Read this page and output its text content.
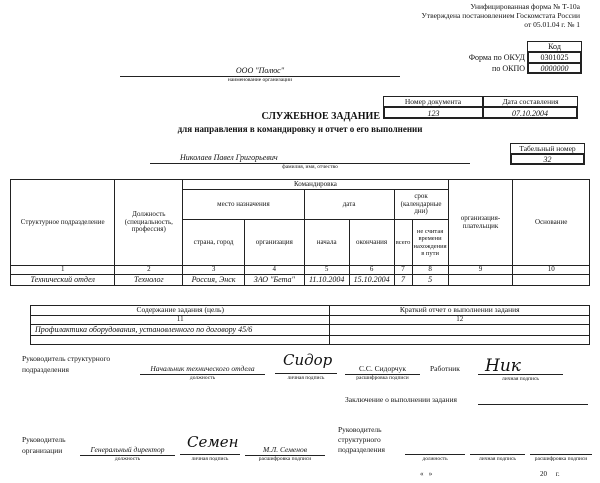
Унифицированная форма № Т-10а
Утверждена постановлением Госкомстата России
от 05.01.04 г. № 1
Код
Форма по ОКУД	0301025
по ОКПО	0000000
ООО "Полюс"
наименование организации
Номер документа	Дата составления
123	07.10.2004
СЛУЖЕБНОЕ ЗАДАНИЕ
для направления в командировку и отчет о его выполнении
Табельный номер
32
Николаев Павел Григорьевич
фамилия, имя, отчество
Структурное подразделение	Должность (специальность, профессия)	Командировка						организация-плательщик	Основание
		место назначения		дата		срок (календарные дни)			
		страна, город	организация	начала	окончания	всего	не считая времени нахождения в пути		
1	2	3	4	5	6	7	8	9	10
Технический отдел	Технолог	Россия, Энск	ЗАО "Бета"	11.10.2004	15.10.2004	7	5		
Содержание задания (цель)	Краткий отчет о выполнении задания
11	12
Профилактика оборудования, установленного по договору 45/6	

Руководитель структурного подразделения	Начальник технического отдела
должность
Сидор
личная подпись
С.С. Сидорчук
расшифровка подписи
Работник Ник
личная подпись
Заключение о выполнении задания
Руководитель организации	Генеральный директор
должность
Семен
личная подпись
М.Л. Семенов
расшифровка подписи
Руководитель структурного подразделения
должность	личная подпись	расшифровка подписи
«   »	20 г.
